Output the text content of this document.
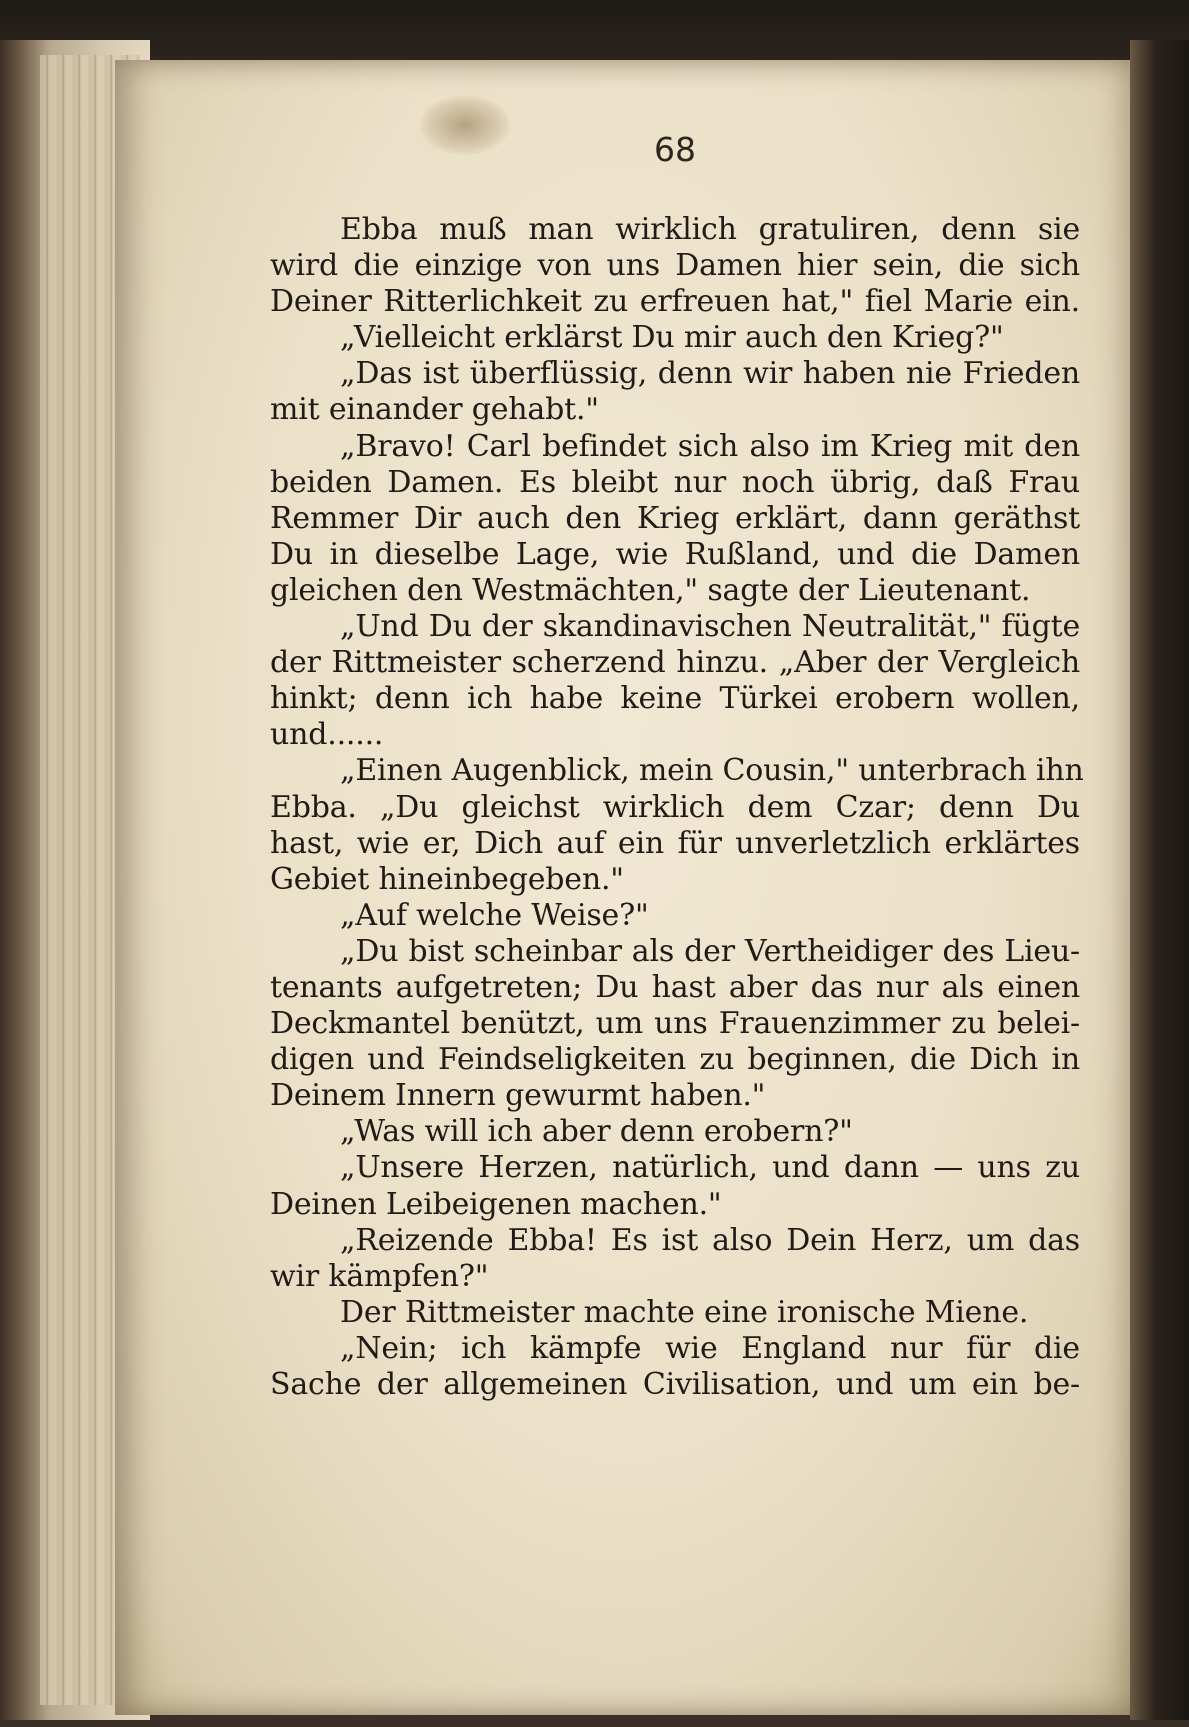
68
Ebba muß man wirklich gratuliren, denn sie
wird die einzige von uns Damen hier sein, die sich
Deiner Ritterlichkeit zu erfreuen hat," fiel Marie ein.
„Vielleicht erklärst Du mir auch den Krieg?"
„Das ist überflüssig, denn wir haben nie Frieden
mit einander gehabt."
„Bravo! Carl befindet sich also im Krieg mit den
beiden Damen. Es bleibt nur noch übrig, daß Frau
Remmer Dir auch den Krieg erklärt, dann geräthst
Du in dieselbe Lage, wie Rußland, und die Damen
gleichen den Westmächten," sagte der Lieutenant.
„Und Du der skandinavischen Neutralität," fügte
der Rittmeister scherzend hinzu. „Aber der Vergleich
hinkt; denn ich habe keine Türkei erobern wollen,
und......
„Einen Augenblick, mein Cousin," unterbrach ihn
Ebba. „Du gleichst wirklich dem Czar; denn Du
hast, wie er, Dich auf ein für unverletzlich erklärtes
Gebiet hineinbegeben."
„Auf welche Weise?"
„Du bist scheinbar als der Vertheidiger des Lieu-
tenants aufgetreten; Du hast aber das nur als einen
Deckmantel benützt, um uns Frauenzimmer zu belei-
digen und Feindseligkeiten zu beginnen, die Dich in
Deinem Innern gewurmt haben."
„Was will ich aber denn erobern?"
„Unsere Herzen, natürlich, und dann — uns zu
Deinen Leibeigenen machen."
„Reizende Ebba! Es ist also Dein Herz, um das
wir kämpfen?"
Der Rittmeister machte eine ironische Miene.
„Nein; ich kämpfe wie England nur für die
Sache der allgemeinen Civilisation, und um ein be-
